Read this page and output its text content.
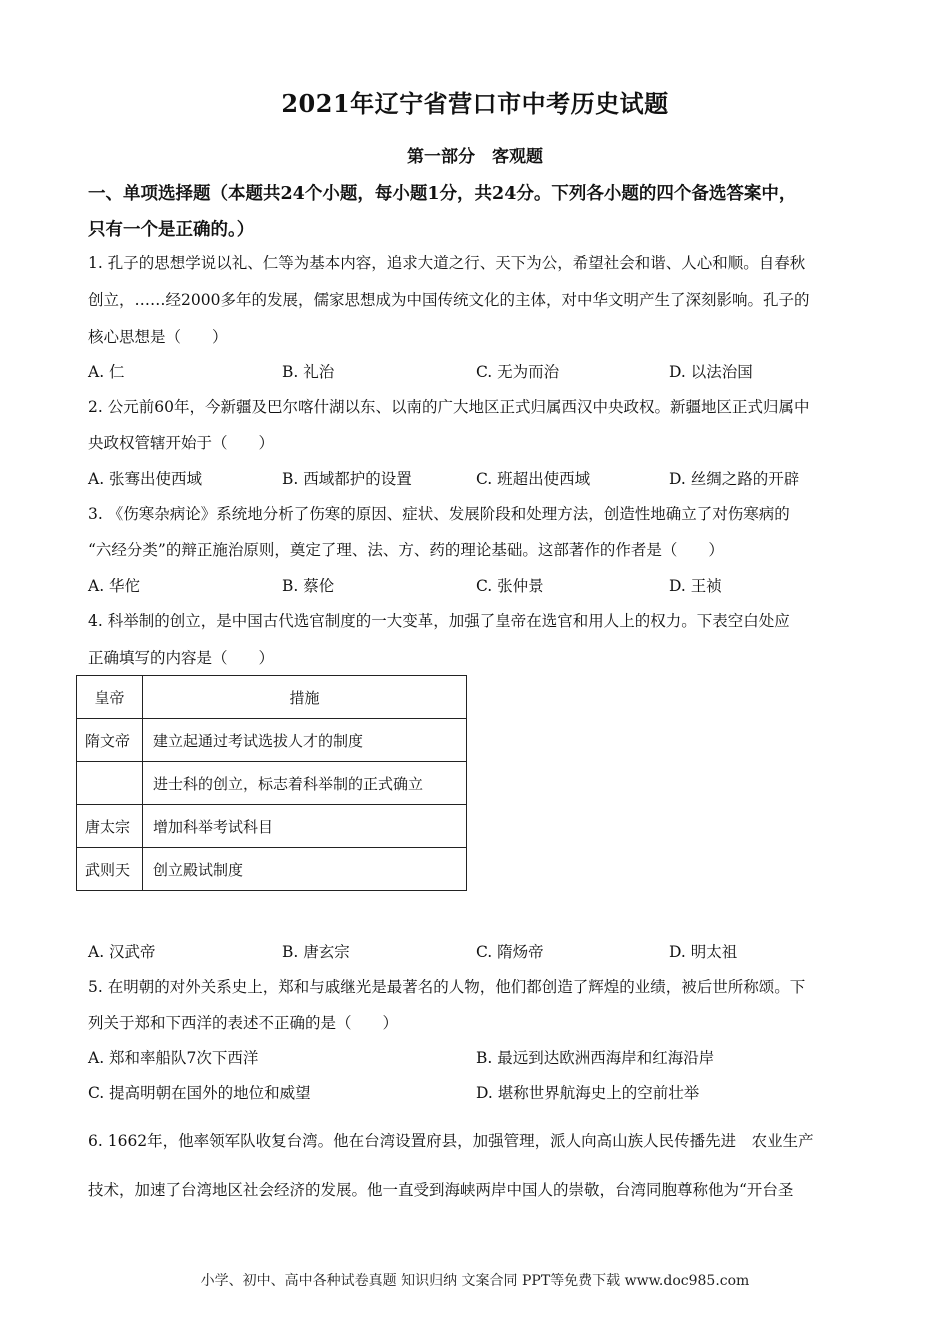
2021年辽宁省营口市中考历史试题
第一部分　客观题
一、单项选择题（本题共24个小题，每小题1分，共24分。下列各小题的四个备选答案中，
只有一个是正确的。）
1. 孔子的思想学说以礼、仁等为基本内容，追求大道之行、天下为公，希望社会和谐、人心和顺。自春秋
创立，……经2000多年的发展，儒家思想成为中国传统文化的主体，对中华文明产生了深刻影响。孔子的
核心思想是（　　）
A. 仁	B. 礼治	C. 无为而治	D. 以法治国
2. 公元前60年，今新疆及巴尔喀什湖以东、以南的广大地区正式归属西汉中央政权。新疆地区正式归属中
央政权管辖开始于（　　）
A. 张骞出使西域	B. 西域都护的设置	C. 班超出使西域	D. 丝绸之路的开辟
3. 《伤寒杂病论》系统地分析了伤寒的原因、症状、发展阶段和处理方法，创造性地确立了对伤寒病的
“六经分类”的辩正施治原则，奠定了理、法、方、药的理论基础。这部著作的作者是（　　）
A. 华佗	B. 蔡伦	C. 张仲景	D. 王祯
4. 科举制的创立，是中国古代选官制度的一大变革，加强了皇帝在选官和用人上的权力。下表空白处应
正确填写的内容是（　　）
皇帝	措施
隋文帝	建立起通过考试选拔人才的制度
	进士科的创立，标志着科举制的正式确立
唐太宗	增加科举考试科目
武则天	创立殿试制度
A. 汉武帝	B. 唐玄宗	C. 隋炀帝	D. 明太祖
5. 在明朝的对外关系史上，郑和与戚继光是最著名的人物，他们都创造了辉煌的业绩，被后世所称颂。下
列关于郑和下西洋的表述不正确的是（　　）
A. 郑和率船队7次下西洋	B. 最远到达欧洲西海岸和红海沿岸
C. 提高明朝在国外的地位和威望	D. 堪称世界航海史上的空前壮举
6. 1662年，他率领军队收复台湾。他在台湾设置府县，加强管理，派人向高山族人民传播先进　农业生产
技术，加速了台湾地区社会经济的发展。他一直受到海峡两岸中国人的崇敬，台湾同胞尊称他为“开台圣
小学、初中、高中各种试卷真题 知识归纳 文案合同 PPT等免费下载 www.doc985.com
